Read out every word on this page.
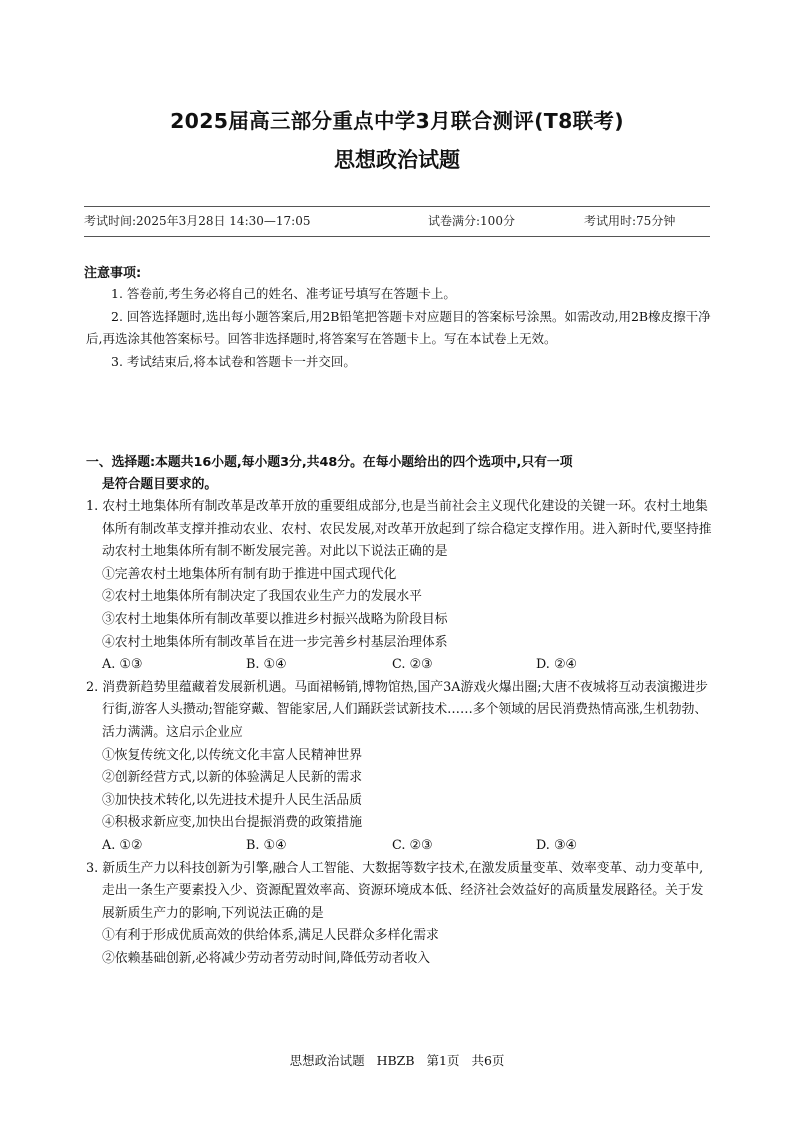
2025届高三部分重点中学3月联合测评(T8联考)
思想政治试题
考试时间:2025年3月28日 14:30—17:05	试卷满分:100分	考试用时:75分钟
注意事项:

1. 答卷前,考生务必将自己的姓名、准考证号填写在答题卡上。

2. 回答选择题时,选出每小题答案后,用2B铅笔把答题卡对应题目的答案标号涂黑。如需改动,用2B橡皮擦干净后,再选涂其他答案标号。回答非选择题时,将答案写在答题卡上。写在本试卷上无效。

3. 考试结束后,将本试卷和答题卡一并交回。

一、选择题:本题共16小题,每小题3分,共48分。在每小题给出的四个选项中,只有一项
是符合题目要求的。

1. 农村土地集体所有制改革是改革开放的重要组成部分,也是当前社会主义现代化建设的关键一环。农村土地集体所有制改革支撑并推动农业、农村、农民发展,对改革开放起到了综合稳定支撑作用。进入新时代,要坚持推动农村土地集体所有制不断发展完善。对此以下说法正确的是

①完善农村土地集体所有制有助于推进中国式现代化

②农村土地集体所有制决定了我国农业生产力的发展水平

③农村土地集体所有制改革要以推进乡村振兴战略为阶段目标

④农村土地集体所有制改革旨在进一步完善乡村基层治理体系

A. ①③	B. ①④	C. ②③	D. ②④

2. 消费新趋势里蕴藏着发展新机遇。马面裙畅销,博物馆热,国产3A游戏火爆出圈;大唐不夜城将互动表演搬进步行街,游客人头攒动;智能穿戴、智能家居,人们踊跃尝试新技术……多个领域的居民消费热情高涨,生机勃勃、活力满满。这启示企业应

①恢复传统文化,以传统文化丰富人民精神世界

②创新经营方式,以新的体验满足人民新的需求

③加快技术转化,以先进技术提升人民生活品质

④积极求新应变,加快出台提振消费的政策措施

A. ①②	B. ①④	C. ②③	D. ③④

3. 新质生产力以科技创新为引擎,融合人工智能、大数据等数字技术,在激发质量变革、效率变革、动力变革中,走出一条生产要素投入少、资源配置效率高、资源环境成本低、经济社会效益好的高质量发展路径。关于发展新质生产力的影响,下列说法正确的是

①有利于形成优质高效的供给体系,满足人民群众多样化需求

②依赖基础创新,必将减少劳动者劳动时间,降低劳动者收入

思想政治试题 HBZB 第1页 共6页
